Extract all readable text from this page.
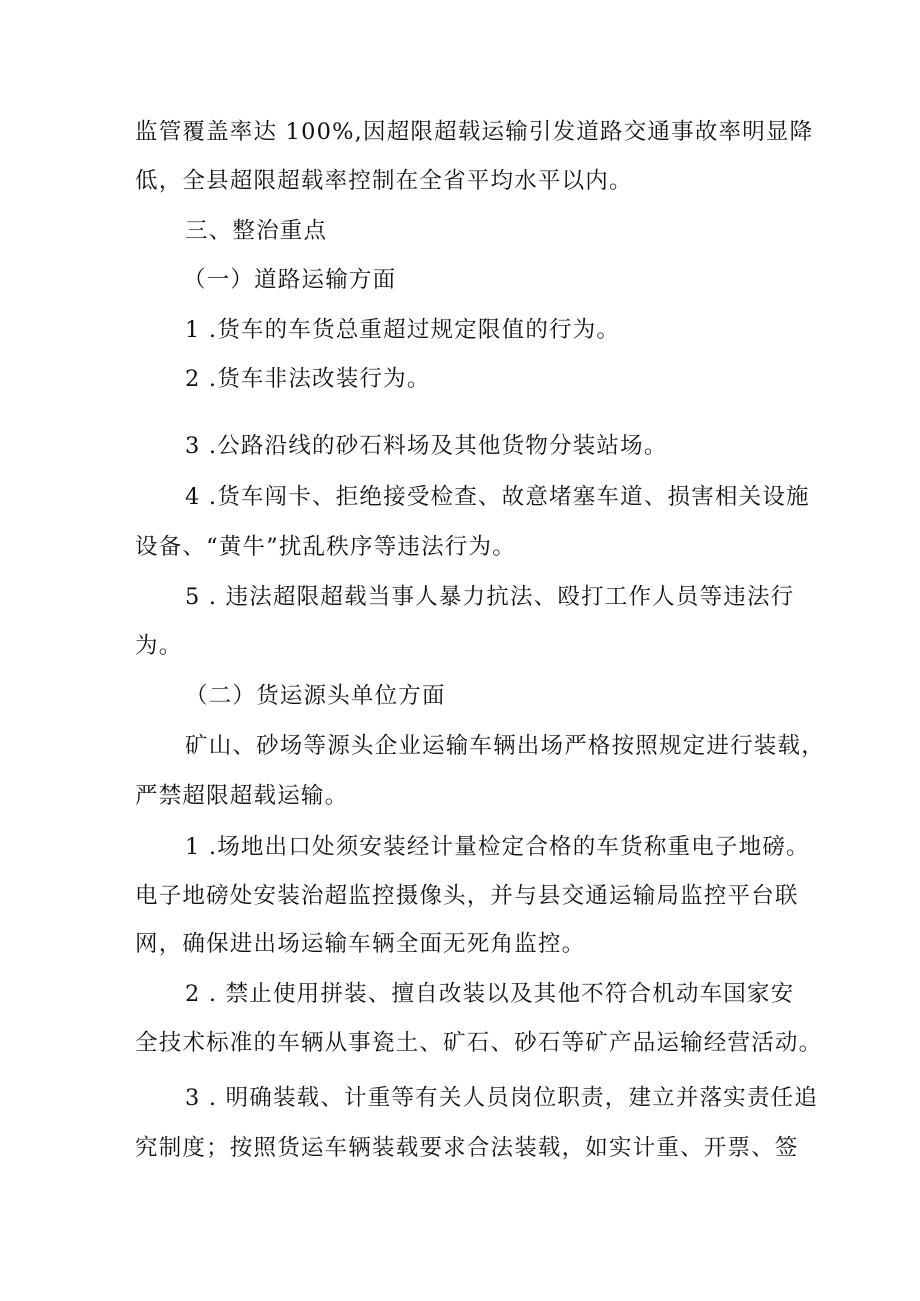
监管覆盖率达 100%,因超限超载运输引发道路交通事故率明显降
低，全县超限超载率控制在全省平均水平以内。
三、整治重点
（一）道路运输方面
1 .货车的车货总重超过规定限值的行为。
2 .货车非法改装行为。
3 .公路沿线的砂石料场及其他货物分装站场。
4 .货车闯卡、拒绝接受检查、故意堵塞车道、损害相关设施
设备、“黄牛”扰乱秩序等违法行为。
5 . 违法超限超载当事人暴力抗法、殴打工作人员等违法行
为。
（二）货运源头单位方面
矿山、砂场等源头企业运输车辆出场严格按照规定进行装载，
严禁超限超载运输。
1 .场地出口处须安装经计量检定合格的车货称重电子地磅。
电子地磅处安装治超监控摄像头，并与县交通运输局监控平台联
网，确保进出场运输车辆全面无死角监控。
2 . 禁止使用拼装、擅自改装以及其他不符合机动车国家安
全技术标准的车辆从事瓷土、矿石、砂石等矿产品运输经营活动。
3 . 明确装载、计重等有关人员岗位职责，建立并落实责任追
究制度；按照货运车辆装载要求合法装载，如实计重、开票、签
